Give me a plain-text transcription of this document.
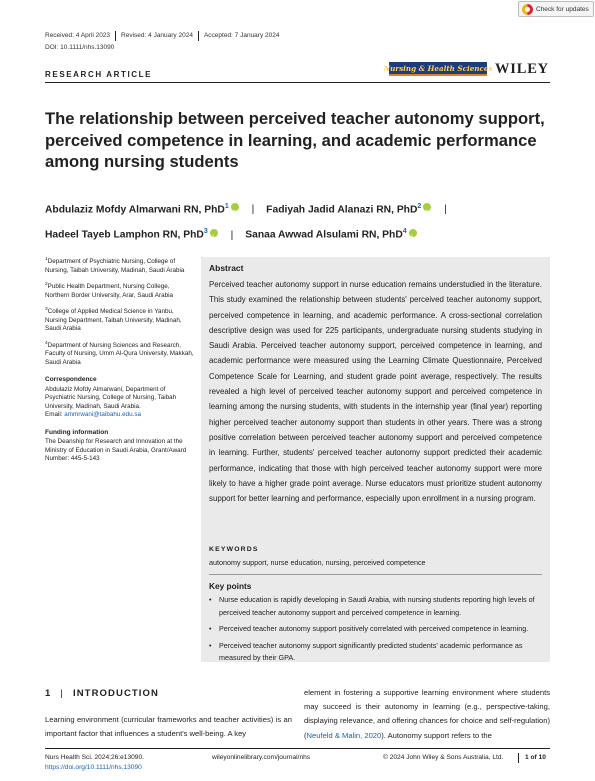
Check for updates
Received: 4 April 2023	Revised: 4 January 2024	Accepted: 7 January 2024
DOI: 10.1111/nhs.13090
RESEARCH ARTICLE
Nursing & Health Sciences WILEY
The relationship between perceived teacher autonomy support, perceived competence in learning, and academic performance among nursing students
Abdulaziz Mofdy Almarwani RN, PhD$^1$ i | Fadiyah Jadid Alanazi RN, PhD$^2$ i |
Hadeel Tayeb Lamphon RN, PhD$^3$ i | Sanaa Awwad Alsulami RN, PhD$^4$i

$^1$Department of Psychiatric Nursing, College of Nursing, Taibah University, Madinah, Saudi Arabia

$^2$Public Health Department, Nursing College, Northern Border University, Arar, Saudi Arabia

$^3$College of Applied Medical Science in Yanbu, Nursing Department, Taibah University, Madinah, Saudi Arabia

$^4$Department of Nursing Sciences and Research, Faculty of Nursing, Umm Al-Qura University, Makkah, Saudi Arabia

Correspondence
Abdulaziz Mofdy Almarwani, Department of Psychiatric Nursing, College of Nursing, Taibah University, Madinah, Saudi Arabia.
Email: ammrwani@taibahu.edu.sa
Funding information
The Deanship for Research and Innovation at the Ministry of Education in Saudi Arabia, Grant/Award Number: 445-5-143
Abstract

Perceived teacher autonomy support in nurse education remains understudied in the literature. This study examined the relationship between students' perceived teacher autonomy support, perceived competence in learning, and academic performance. A cross-sectional correlation descriptive design was used for 225 participants, undergraduate nursing students studying in Saudi Arabia. Perceived teacher autonomy support, perceived competence in learning, and academic performance were measured using the Learning Climate Questionnaire, Perceived Competence Scale for Learning, and student grade point average, respectively. The results revealed a high level of perceived teacher autonomy support and perceived competence in learning among the nursing students, with students in the internship year (final year) reporting higher perceived teacher autonomy support than students in other years. There was a strong positive correlation between perceived teacher autonomy support and perceived competence in learning. Further, students' perceived teacher autonomy support predicted their academic performance, indicating that those with high perceived teacher autonomy support were more likely to have a higher grade point average. Nurse educators must prioritize student autonomy support for better learning and performance, especially upon enrollment in a nursing program.

KEYWORDS
autonomy support, nurse education, nursing, perceived competence
Key points
• Nurse education is rapidly developing in Saudi Arabia, with nursing students reporting high levels of perceived teacher autonomy support and perceived competence in learning.
• Perceived teacher autonomy support positively correlated with perceived competence in learning.
• Perceived teacher autonomy support significantly predicted students' academic performance as measured by their GPA.
1 | INTRODUCTION

Learning environment (curricular frameworks and teacher activities) is an important factor that influences a student's well-being. A key

element in fostering a supportive learning environment where students may succeed is their autonomy in learning (e.g., perspective-taking, displaying relevance, and offering chances for choice and self-regulation) (Neufeld & Malin, 2020). Autonomy support refers to the

Nurs Health Sci. 2024;26:e13090.
https://doi.org/10.1111/nhs.13090
wileyonlinelibrary.com/journal/nhs	© 2024 John Wiley & Sons Australia, Ltd.	1 of 10
